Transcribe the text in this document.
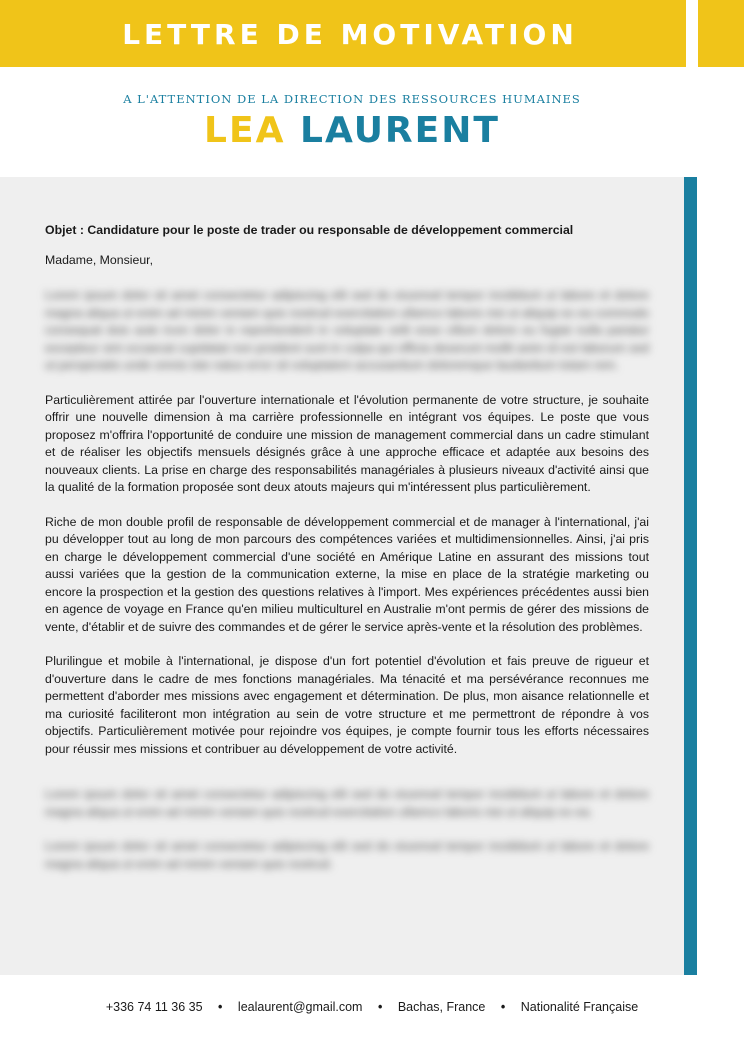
LETTRE DE MOTIVATION
A L'ATTENTION DE LA DIRECTION DES RESSOURCES HUMAINES
LEA LAURENT

Objet : Candidature pour le poste de trader ou responsable de développement commercial

Madame, Monsieur,

Lorem ipsum dolor sit amet consectetur adipiscing elit sed do eiusmod tempor incididunt ut labore et dolore magna aliqua ut enim ad minim veniam quis nostrud exercitation ullamco laboris nisi ut aliquip ex ea commodo consequat duis aute irure dolor in reprehenderit in voluptate velit esse cillum dolore eu fugiat nulla pariatur excepteur sint occaecat cupidatat non proident sunt in culpa qui officia deserunt mollit anim id est laborum sed ut perspiciatis unde omnis iste natus error sit voluptatem accusantium doloremque laudantium totam rem.

Particulièrement attirée par l'ouverture internationale et l'évolution permanente de votre structure, je souhaite offrir une nouvelle dimension à ma carrière professionnelle en intégrant vos équipes. Le poste que vous proposez m'offrira l'opportunité de conduire une mission de management commercial dans un cadre stimulant et de réaliser les objectifs mensuels désignés grâce à une approche efficace et adaptée aux besoins des nouveaux clients. La prise en charge des responsabilités managériales à plusieurs niveaux d'activité ainsi que la qualité de la formation proposée sont deux atouts majeurs qui m'intéressent plus particulièrement.

Riche de mon double profil de responsable de développement commercial et de manager à l'international, j'ai pu développer tout au long de mon parcours des compétences variées et multidimensionnelles. Ainsi, j'ai pris en charge le développement commercial d'une société en Amérique Latine en assurant des missions tout aussi variées que la gestion de la communication externe, la mise en place de la stratégie marketing ou encore la prospection et la gestion des questions relatives à l'import. Mes expériences précédentes aussi bien en agence de voyage en France qu'en milieu multiculturel en Australie m'ont permis de gérer des missions de vente, d'établir et de suivre des commandes et de gérer le service après-vente et la résolution des problèmes.

Plurilingue et mobile à l'international, je dispose d'un fort potentiel d'évolution et fais preuve de rigueur et d'ouverture dans le cadre de mes fonctions managériales. Ma ténacité et ma persévérance reconnues me permettent d'aborder mes missions avec engagement et détermination. De plus, mon aisance relationnelle et ma curiosité faciliteront mon intégration au sein de votre structure et me permettront de répondre à vos objectifs. Particulièrement motivée pour rejoindre vos équipes, je compte fournir tous les efforts nécessaires pour réussir mes missions et contribuer au développement de votre activité.

Lorem ipsum dolor sit amet consectetur adipiscing elit sed do eiusmod tempor incididunt ut labore et dolore magna aliqua ut enim ad minim veniam quis nostrud exercitation ullamco laboris nisi ut aliquip ex ea.

Lorem ipsum dolor sit amet consectetur adipiscing elit sed do eiusmod tempor incididunt ut labore et dolore magna aliqua ut enim ad minim veniam quis nostrud.

+336 74 11 36 35 • lealaurent@gmail.com • Bachas, France • Nationalité Française
